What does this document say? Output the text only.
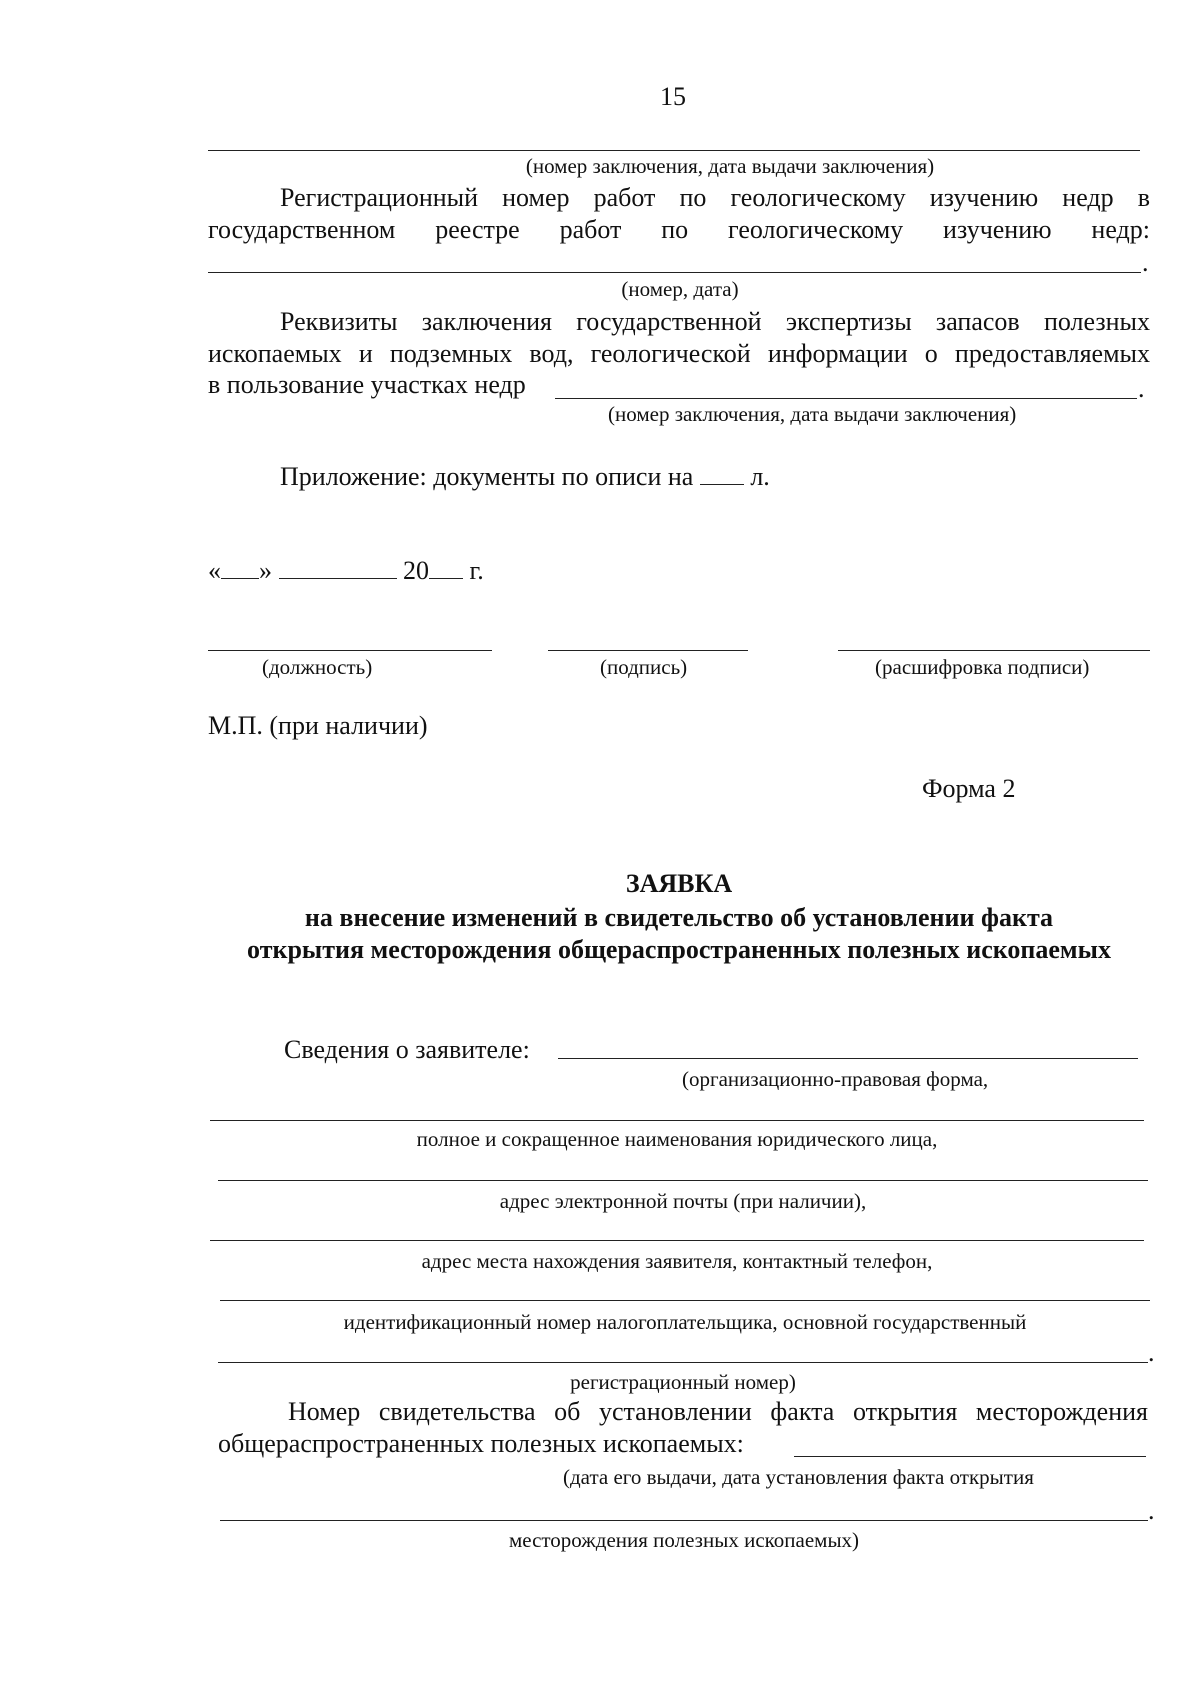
15
(номер заключения, дата выдачи заключения)
Регистрационный номер работ по геологическому изучению недр в
государственном реестре работ по геологическому изучению недр:
.
(номер, дата)
Реквизиты заключения государственной экспертизы запасов полезных
ископаемых и подземных вод, геологической информации о предоставляемых
в пользование участках недр	.
(номер заключения, дата выдачи заключения)
Приложение: документы по описи на л.
« »	20 г.
(должность)	(подпись)	(расшифровка подписи)
М.П. (при наличии)
Форма 2
ЗАЯВКА
на внесение изменений в свидетельство об установлении факта
открытия месторождения общераспространенных полезных ископаемых
Сведения о заявителе:
(организационно-правовая форма,
полное и сокращенное наименования юридического лица,
адрес электронной почты (при наличии),
адрес места нахождения заявителя, контактный телефон,
идентификационный номер налогоплательщика, основной государственный
.
регистрационный номер)
Номер свидетельства об установлении факта открытия месторождения
общераспространенных полезных ископаемых:
(дата его выдачи, дата установления факта открытия
.
месторождения полезных ископаемых)
